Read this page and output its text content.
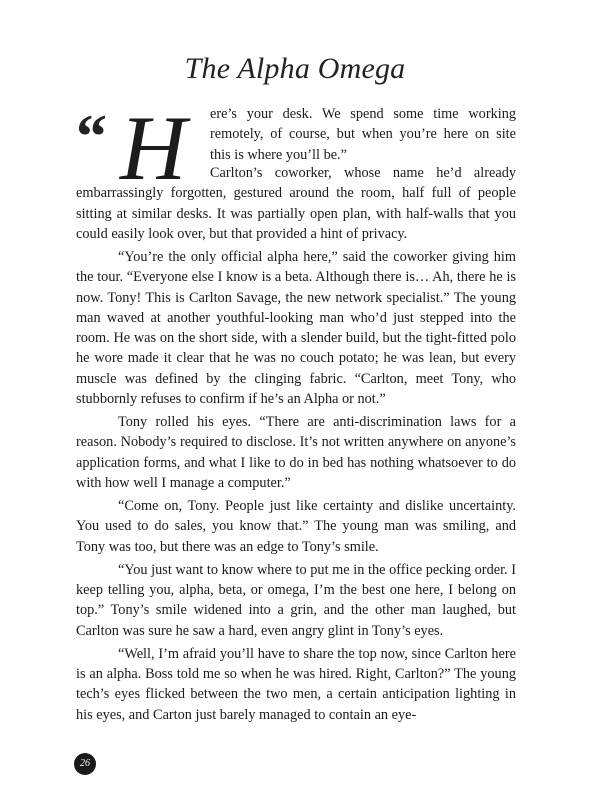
The Alpha Omega
“ H ere’s your desk. We spend some time working
remotely, of course, but when you’re here on site
this is where you’ll be.”

Carlton’s coworker, whose name he’d already embarrassingly forgotten, gestured around the room, half full of people sitting at similar desks. It was partially open plan, with half-walls that you could easily look over, but that provided a hint of privacy.

“You’re the only official alpha here,” said the coworker giving him the tour. “Everyone else I know is a beta. Although there is… Ah, there he is now. Tony! This is Carlton Savage, the new network specialist.” The young man waved at another youthful-looking man who’d just stepped into the room. He was on the short side, with a slender build, but the tight-fitted polo he wore made it clear that he was no couch potato; he was lean, but every muscle was defined by the clinging fabric. “Carlton, meet Tony, who stubbornly refuses to confirm if he’s an Alpha or not.”

Tony rolled his eyes. “There are anti-discrimination laws for a reason. Nobody’s required to disclose. It’s not written anywhere on anyone’s application forms, and what I like to do in bed has nothing whatsoever to do with how well I manage a computer.”

“Come on, Tony. People just like certainty and dislike uncertainty. You used to do sales, you know that.” The young man was smiling, and Tony was too, but there was an edge to Tony’s smile.

“You just want to know where to put me in the office pecking order. I keep telling you, alpha, beta, or omega, I’m the best one here, I belong on top.” Tony’s smile widened into a grin, and the other man laughed, but Carlton was sure he saw a hard, even angry glint in Tony’s eyes.

“Well, I’m afraid you’ll have to share the top now, since Carlton here is an alpha. Boss told me so when he was hired. Right, Carlton?” The young tech’s eyes flicked between the two men, a certain anticipation lighting in his eyes, and Carton just barely managed to contain an eye-

26
